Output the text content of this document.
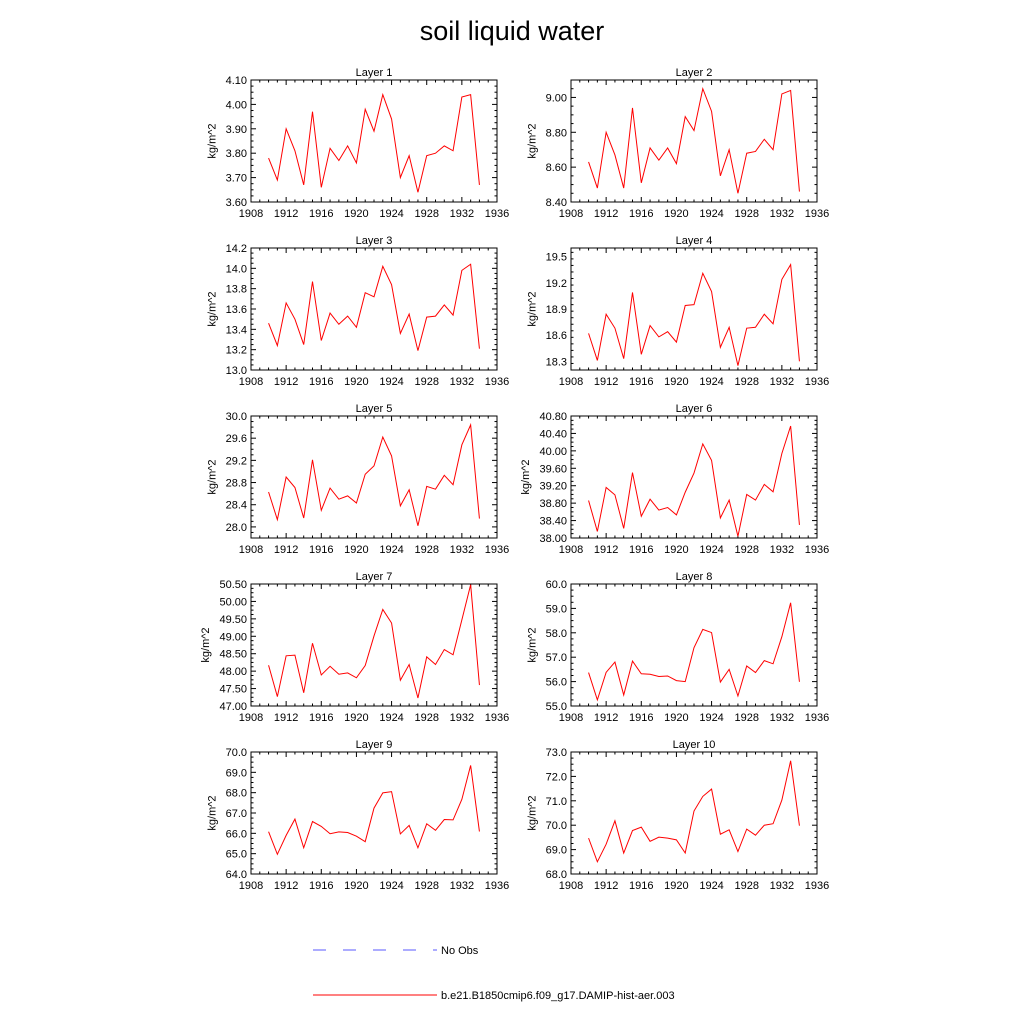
soil liquid water
Layer 1
1908 1912 1916 1920 1924 1928 1932 1936
3.60
3.70
3.80
3.90
4.00
4.10
kg/m^2
Layer 2
1908 1912 1916 1920 1924 1928 1932 1936
8.40
8.60
8.80
9.00
kg/m^2
Layer 3
1908 1912 1916 1920 1924 1928 1932 1936
13.0
13.2
13.4
13.6
13.8
14.0
14.2
kg/m^2
Layer 4
1908 1912 1916 1920 1924 1928 1932 1936
18.3
18.6
18.9
19.2
19.5
kg/m^2
Layer 5
1908 1912 1916 1920 1924 1928 1932 1936
28.0
28.4
28.8
29.2
29.6
30.0
kg/m^2
Layer 6
1908 1912 1916 1920 1924 1928 1932 1936
38.00
38.40
38.80
39.20
39.60
40.00
40.40
40.80
kg/m^2
Layer 7
1908 1912 1916 1920 1924 1928 1932 1936
47.00
47.50
48.00
48.50
49.00
49.50
50.00
50.50
kg/m^2
Layer 8
1908 1912 1916 1920 1924 1928 1932 1936
55.0
56.0
57.0
58.0
59.0
60.0
kg/m^2
Layer 9
1908 1912 1916 1920 1924 1928 1932 1936
64.0
65.0
66.0
67.0
68.0
69.0
70.0
kg/m^2
Layer 10
1908 1912 1916 1920 1924 1928 1932 1936
68.0
69.0
70.0
71.0
72.0
73.0
kg/m^2
No Obs
b.e21.B1850cmip6.f09_g17.DAMIP-hist-aer.003
